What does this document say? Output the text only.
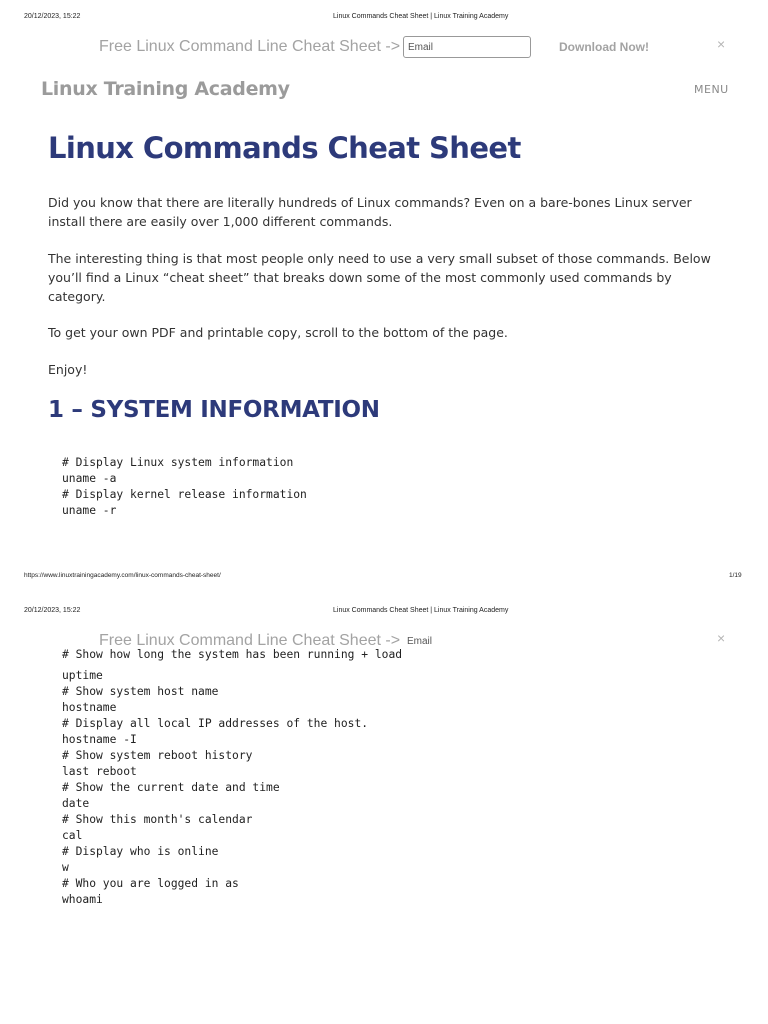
20/12/2023, 15:22	Linux Commands Cheat Sheet | Linux Training Academy
Free Linux Command Line Cheat Sheet -> Email	Download Now!	×
Linux Training Academy	MENU
Linux Commands Cheat Sheet
Did you know that there are literally hundreds of Linux commands? Even on a bare-bones Linux server install there are easily over 1,000 different commands.
The interesting thing is that most people only need to use a very small subset of those commands. Below you’ll find a Linux “cheat sheet” that breaks down some of the most commonly used commands by category.
To get your own PDF and printable copy, scroll to the bottom of the page.
Enjoy!
1 – SYSTEM INFORMATION
# Display Linux system information
uname -a
# Display kernel release information
uname -r
https://www.linuxtrainingacademy.com/linux-commands-cheat-sheet/	1/19
20/12/2023, 15:22	Linux Commands Cheat Sheet | Linux Training Academy
# Show how long the system has been running + load
Free Linux Command Line Cheat Sheet -> Email	×
uptime
# Show system host name
hostname
# Display all local IP addresses of the host.
hostname -I
# Show system reboot history
last reboot
# Show the current date and time
date
# Show this month's calendar
cal
# Display who is online
w
# Who you are logged in as
whoami
